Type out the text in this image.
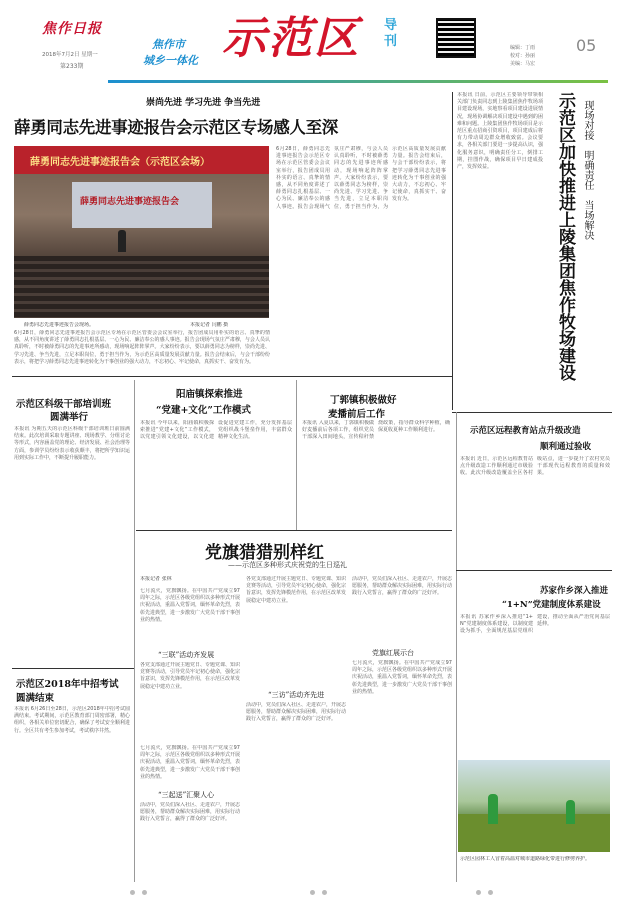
焦作日报
2018年7月2日 星期一
第233期
焦作市
城乡一体化 示范区 导刊	05
编辑：丁雨
校对：孙丽
美编：马宏
崇尚先进 学习先进 争当先进
薛勇同志先进事迹报告会示范区专场感人至深
薛勇同志先进事迹报告会（示范区会场）
薛勇同志先进事迹报告会
薛勇同志先进事迹报告会现场。	本报记者 闫鹏 摄
6月28日，薛勇同志先进事迹报告会示范区专场在示范区管委会会议室举行，报告团成员用朴实的语言、真挚的情感，从不同角度讲述了薛勇同志扎根基层、一心为民、廉洁奉公的感人事迹。报告会现场气氛庄严肃穆，与会人员认真聆听，不时被薛勇同志的先进事迹所感动，现场响起阵阵掌声。大家纷纷表示，要以薛勇同志为榜样，崇尚先进、学习先进、争当先进，立足本职岗位，勇于担当作为，为示范区高质量发展贡献力量。报告会结束后，与会干部纷纷表示，将把学习薛勇同志先进事迹转化为干事创业的强大动力，不忘初心、牢记使命，真抓实干、奋发有为。
6月28日，薛勇同志先进事迹报告会示范区专场在示范区管委会会议室举行，报告团成员用朴实的语言、真挚的情感，从不同角度讲述了薛勇同志扎根基层、一心为民、廉洁奉公的感人事迹。报告会现场气氛庄严肃穆，与会人员认真聆听，不时被薛勇同志的先进事迹所感动，现场响起阵阵掌声。大家纷纷表示，要以薛勇同志为榜样，崇尚先进、学习先进、争当先进，立足本职岗位，勇于担当作为，为示范区高质量发展贡献力量。报告会结束后，与会干部纷纷表示，将把学习薛勇同志先进事迹转化为干事创业的强大动力，不忘初心、牢记使命，真抓实干、奋发有为。
本报讯 日前，示范区主要领导带领相关部门负责同志到上陵集团焦作牧场项目建设现场，实地察看项目建设进展情况，现场协调解决项目建设中遇到的困难和问题。上陵集团焦作牧场项目是示范区重点招商引资项目，项目建成后将有力带动周边群众增收致富。会议要求，各相关部门要进一步提高认识，强化服务意识，明确责任分工，倒排工期，挂图作战，确保项目早日建成投产，发挥效益。	示范区加快推进上陵集团焦作牧场建设 现场对接
明确责任
当场解决
示范区科级干部培训班
圆满举行
本报讯 为期五天的示范区科级干部培训班日前圆满结束。此次培训采取专题讲座、现场教学、分组讨论等形式，内容涵盖党的理论、经济发展、社会治理等方面，参训学员纷纷表示收获颇丰，将把所学知识运用到实际工作中，不断提升履职能力。
阳庙镇探索推进
“党建+文化”工作模式
本报讯 今年以来，阳庙镇积极探索推进“党建+文化”工作模式，以党建引领文化建设，以文化建设促进党建工作，充分发挥基层党组织战斗堡垒作用，丰富群众精神文化生活。
丁郭镇积极做好
麦播前后工作
本报讯 入夏以来，丁郭镇积极做好麦播前后各项工作，组织党员干部深入田间地头，宣传秸秆禁烧政策，指导群众科学种植，确保夏收夏种工作顺利进行。
党旗猎猎别样红
——示范区多种形式庆祝党的生日巡礼
本报记者 张林
七月流火，党旗飘扬。在中国共产党成立97周年之际，示范区各级党组织以多种形式开展庆祝活动，重温入党誓词，缅怀革命先烈，表彰先进典型，进一步激发广大党员干部干事创业的热情。
“三联”活动齐发展
各党支部通过开展主题党日、专题党课、知识竞赛等活动，引导党员牢记初心使命，强化宗旨意识，发挥先锋模范作用，在示范区改革发展稳定中建功立业。
“三起送”汇聚人心
活动中，党员们深入社区、走进农户，开展志愿服务，帮助群众解决实际困难，用实际行动践行入党誓言，赢得了群众的广泛好评。
七月流火，党旗飘扬。在中国共产党成立97周年之际，示范区各级党组织以多种形式开展庆祝活动，重温入党誓词，缅怀革命先烈，表彰先进典型，进一步激发广大党员干部干事创业的热情。
各党支部通过开展主题党日、专题党课、知识竞赛等活动，引导党员牢记初心使命，强化宗旨意识，发挥先锋模范作用，在示范区改革发展稳定中建功立业。
“三访”活动齐先进
活动中，党员们深入社区、走进农户，开展志愿服务，帮助群众解决实际困难，用实际行动践行入党誓言，赢得了群众的广泛好评。
活动中，党员们深入社区、走进农户，开展志愿服务，帮助群众解决实际困难，用实际行动践行入党誓言，赢得了群众的广泛好评。
党旗红展示台
七月流火，党旗飘扬。在中国共产党成立97周年之际，示范区各级党组织以多种形式开展庆祝活动，重温入党誓词，缅怀革命先烈，表彰先进典型，进一步激发广大党员干部干事创业的热情。
示范区2018年中招考试
圆满结束
本报讯 6月26日至28日，示范区2018年中招考试圆满结束。考试期间，示范区教育部门周密部署，精心组织，各相关单位密切配合，确保了考试安全顺利进行。全区共有考生参加考试，考试秩序井然。
示范区远程教育站点升级改造
顺利通过验收
本报讯 近日，示范区远程教育站点升级改造工作顺利通过市级验收。此次升级改造覆盖全区各村级站点，进一步提升了农村党员干部现代远程教育的质量和效果。
苏家作乡深入推进
“1+N”党建制度体系建设
本报讯 苏家作乡深入推进“1+N”党建制度体系建设，以制度建设为抓手，全面规范基层党组织建设，推动全面从严治党向基层延伸。
示范区园林工人冒着高温对城市道路绿化带进行修剪养护。
